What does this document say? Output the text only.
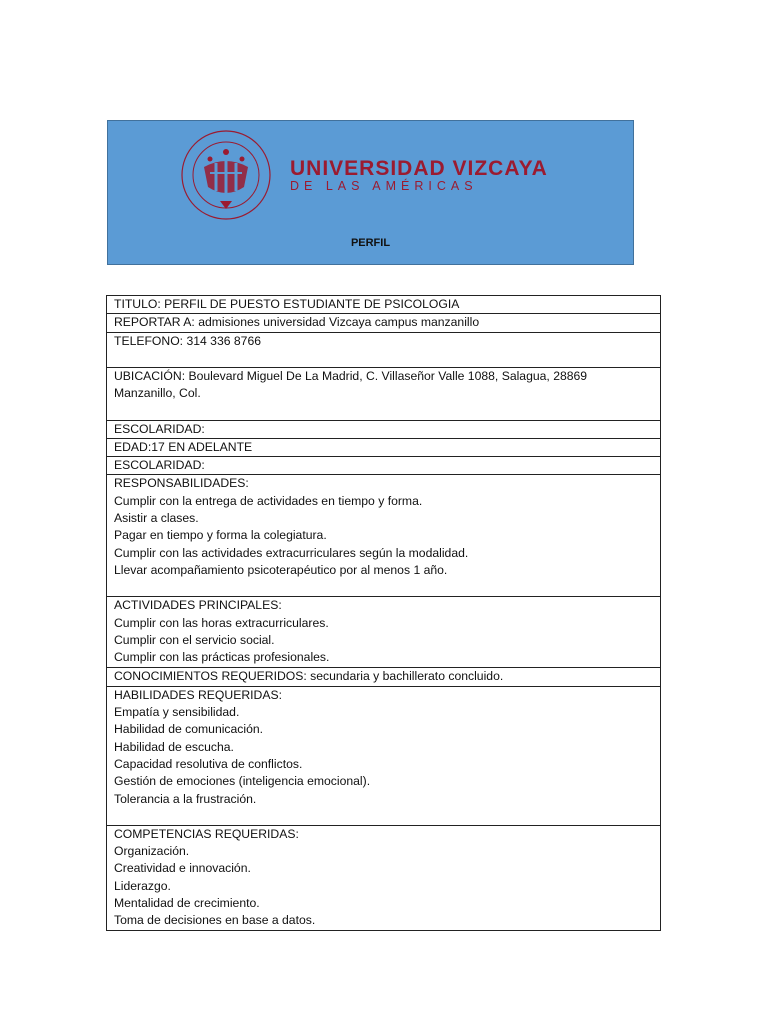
UNIVERSIDAD VIZCAYA
DE LAS AMÉRICAS
PERFIL
TITULO: PERFIL DE PUESTO ESTUDIANTE DE PSICOLOGIA

REPORTAR A: admisiones universidad Vizcaya campus manzanillo

TELEFONO: 314 336 8766

UBICACIÓN: Boulevard Miguel De La Madrid, C. Villaseñor Valle 1088, Salagua, 28869
Manzanillo, Col.

ESCOLARIDAD:

EDAD:17 EN ADELANTE

ESCOLARIDAD:

RESPONSABILIDADES:
Cumplir con la entrega de actividades en tiempo y forma.
Asistir a clases.
Pagar en tiempo y forma la colegiatura.
Cumplir con las actividades extracurriculares según la modalidad.
Llevar acompañamiento psicoterapéutico por al menos 1 año.

ACTIVIDADES PRINCIPALES:
Cumplir con las horas extracurriculares.
Cumplir con el servicio social.
Cumplir con las prácticas profesionales.

CONOCIMIENTOS REQUERIDOS: secundaria y bachillerato concluido.

HABILIDADES REQUERIDAS:
Empatía y sensibilidad.
Habilidad de comunicación.
Habilidad de escucha.
Capacidad resolutiva de conflictos.
Gestión de emociones (inteligencia emocional).
Tolerancia a la frustración.

COMPETENCIAS REQUERIDAS:
Organización.
Creatividad e innovación.
Liderazgo.
Mentalidad de crecimiento.
Toma de decisiones en base a datos.
